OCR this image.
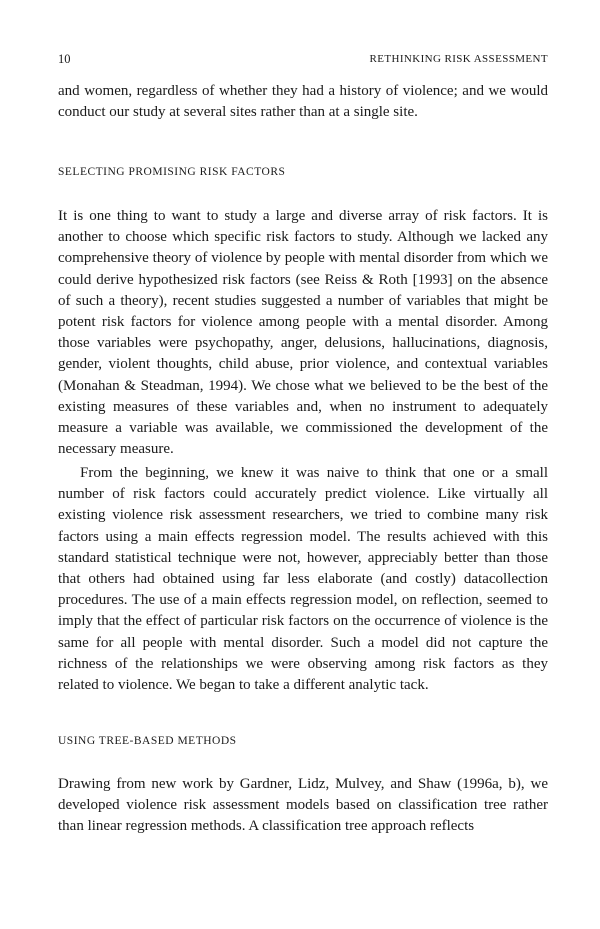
10	RETHINKING RISK ASSESSMENT

and women, regardless of whether they had a history of violence; and we would conduct our study at several sites rather than at a single site.

SELECTING PROMISING RISK FACTORS

It is one thing to want to study a large and diverse array of risk factors. It is another to choose which specific risk factors to study. Although we lacked any comprehensive theory of violence by people with mental disorder from which we could derive hypothesized risk factors (see Reiss & Roth [1993] on the absence of such a theory), recent studies suggested a number of variables that might be potent risk factors for violence among people with a mental disorder. Among those variables were psychopathy, anger, delusions, hallucinations, diagnosis, gender, violent thoughts, child abuse, prior violence, and contextual variables (Monahan & Steadman, 1994). We chose what we believed to be the best of the existing measures of these variables and, when no instrument to adequately measure a variable was available, we commissioned the development of the necessary measure.

From the beginning, we knew it was naive to think that one or a small number of risk factors could accurately predict violence. Like virtually all existing violence risk assessment researchers, we tried to combine many risk factors using a main effects regression model. The results achieved with this standard statistical technique were not, however, appreciably better than those that others had obtained using far less elaborate (and costly) datacollection procedures. The use of a main effects regression model, on reflection, seemed to imply that the effect of particular risk factors on the occurrence of violence is the same for all people with mental disorder. Such a model did not capture the richness of the relationships we were observing among risk factors as they related to violence. We began to take a different analytic tack.

USING TREE-BASED METHODS

Drawing from new work by Gardner, Lidz, Mulvey, and Shaw (1996a, b), we developed violence risk assessment models based on classification tree rather than linear regression methods. A classification tree approach reflects
